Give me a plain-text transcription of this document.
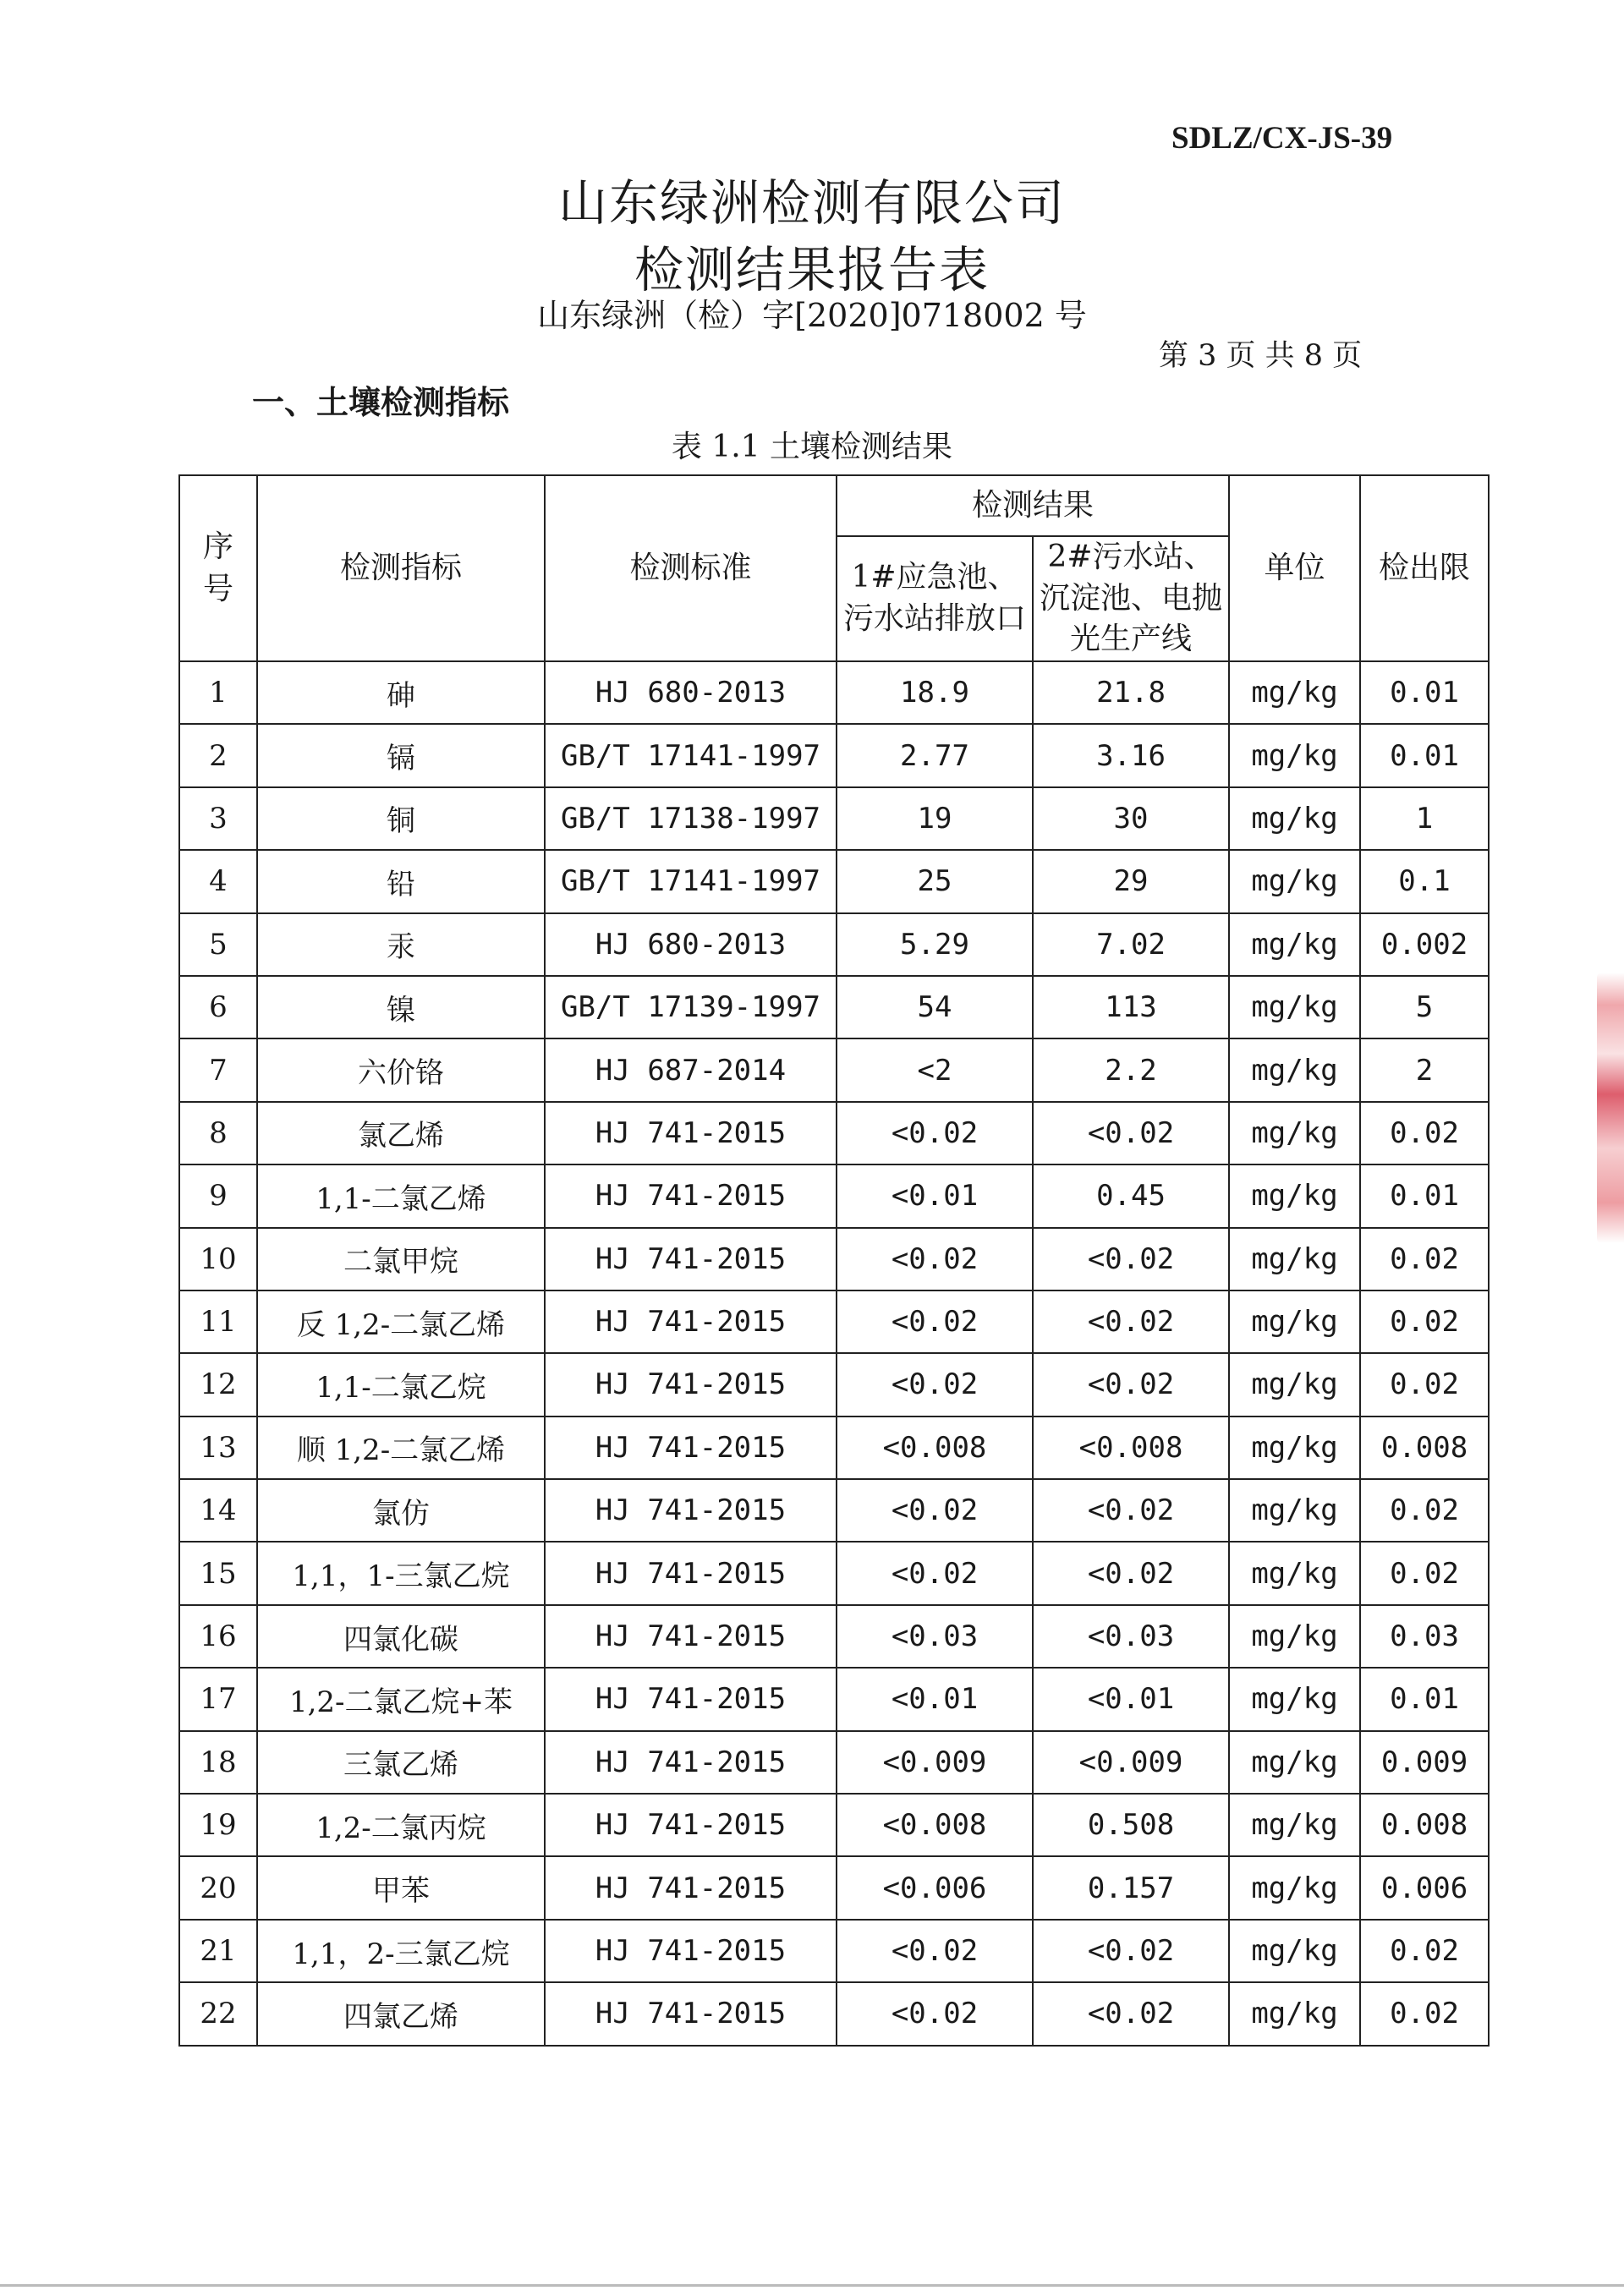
SDLZ/CX-JS-39
山东绿洲检测有限公司
检测结果报告表
山东绿洲（检）字[2020]0718002 号
第 3 页 共 8 页
一、土壤检测指标
表 1.1 土壤检测结果
序号	检测指标	检测标准	检测结果		单位	检出限

			1#应急池、污水站排放口	2#污水站、沉淀池、电抛光生产线		

1	砷	HJ 680-2013	18.9	21.8	mg/kg	0.01
2	镉	GB/T 17141-1997	2.77	3.16	mg/kg	0.01
3	铜	GB/T 17138-1997	19	30	mg/kg	1
4	铅	GB/T 17141-1997	25	29	mg/kg	0.1
5	汞	HJ 680-2013	5.29	7.02	mg/kg	0.002
6	镍	GB/T 17139-1997	54	113	mg/kg	5
7	六价铬	HJ 687-2014	<2	2.2	mg/kg	2
8	氯乙烯	HJ 741-2015	<0.02	<0.02	mg/kg	0.02
9	1,1-二氯乙烯	HJ 741-2015	<0.01	0.45	mg/kg	0.01
10	二氯甲烷	HJ 741-2015	<0.02	<0.02	mg/kg	0.02
11	反 1,2-二氯乙烯	HJ 741-2015	<0.02	<0.02	mg/kg	0.02
12	1,1-二氯乙烷	HJ 741-2015	<0.02	<0.02	mg/kg	0.02
13	顺 1,2-二氯乙烯	HJ 741-2015	<0.008	<0.008	mg/kg	0.008
14	氯仿	HJ 741-2015	<0.02	<0.02	mg/kg	0.02
15	1,1，1-三氯乙烷	HJ 741-2015	<0.02	<0.02	mg/kg	0.02
16	四氯化碳	HJ 741-2015	<0.03	<0.03	mg/kg	0.03
17	1,2-二氯乙烷+苯	HJ 741-2015	<0.01	<0.01	mg/kg	0.01
18	三氯乙烯	HJ 741-2015	<0.009	<0.009	mg/kg	0.009
19	1,2-二氯丙烷	HJ 741-2015	<0.008	0.508	mg/kg	0.008
20	甲苯	HJ 741-2015	<0.006	0.157	mg/kg	0.006
21	1,1，2-三氯乙烷	HJ 741-2015	<0.02	<0.02	mg/kg	0.02
22	四氯乙烯	HJ 741-2015	<0.02	<0.02	mg/kg	0.02
